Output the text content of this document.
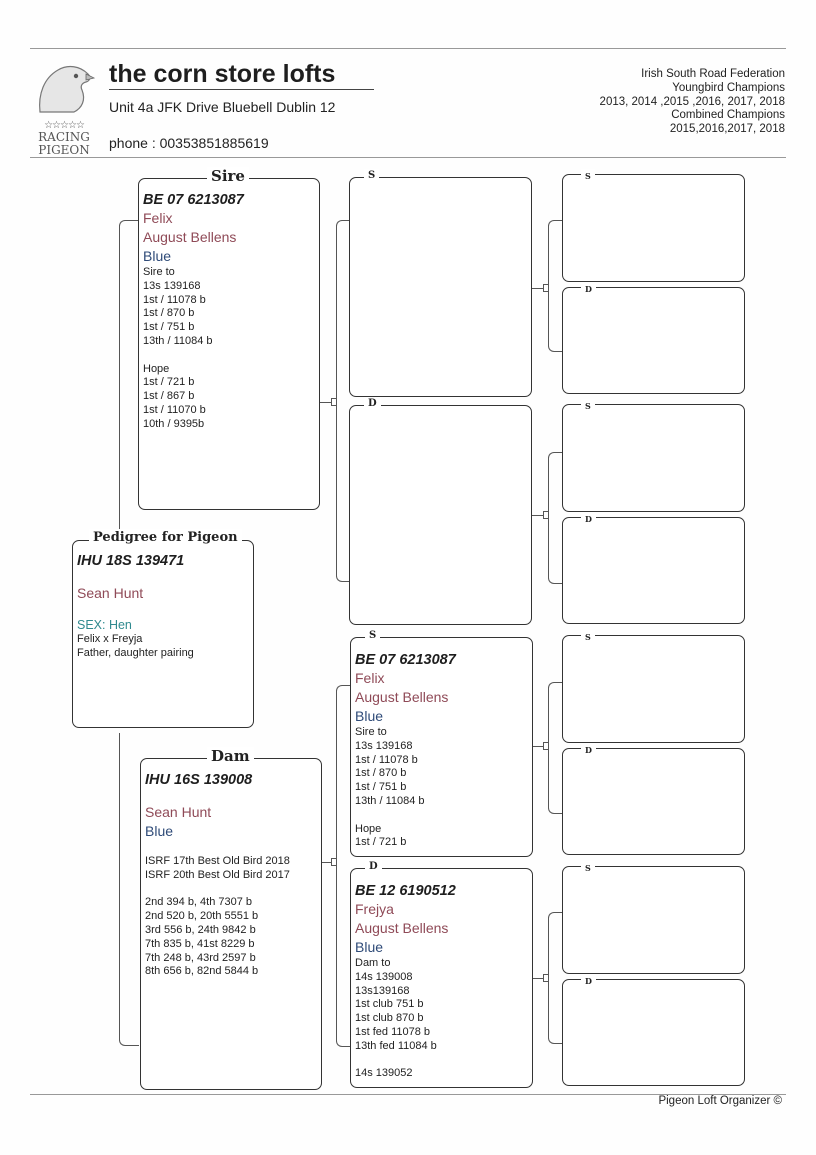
☆☆☆☆☆
RACING
PIGEON
the corn store lofts
Unit 4a JFK Drive Bluebell Dublin 12
phone : 00353851885619
Irish South Road Federation
Youngbird Champions
2013, 2014 ,2015 ,2016, 2017, 2018
Combined Champions
2015,2016,2017, 2018
Sire
BE 07 6213087
Felix
August Bellens
Blue
Sire to
13s 139168
1st / 11078 b
1st / 870 b
1st / 751 b
13th / 11084 b
Hope
1st / 721 b
1st / 867 b
1st / 11070 b
10th / 9395b
Pedigree for Pigeon
IHU 18S 139471
Sean Hunt
SEX: Hen
Felix x Freyja
Father, daughter pairing
Dam
IHU 16S 139008
Sean Hunt
Blue
ISRF 17th Best Old Bird 2018
ISRF 20th Best Old Bird 2017
2nd 394 b, 4th 7307 b
2nd 520 b, 20th 5551 b
3rd 556 b, 24th 9842 b
7th 835 b, 41st 8229 b
7th 248 b, 43rd 2597 b
8th 656 b, 82nd 5844 b
S
D
S
BE 07 6213087
Felix
August Bellens
Blue
Sire to
13s 139168
1st / 11078 b
1st / 870 b
1st / 751 b
13th / 11084 b
Hope
1st / 721 b
D
BE 12 6190512
Frejya
August Bellens
Blue
Dam to
14s 139008
13s139168
1st club 751 b
1st club 870 b
1st fed 11078 b
13th fed 11084 b
14s 139052
S
D
S
D
S
D
S
D
Pigeon Loft Organizer ©
